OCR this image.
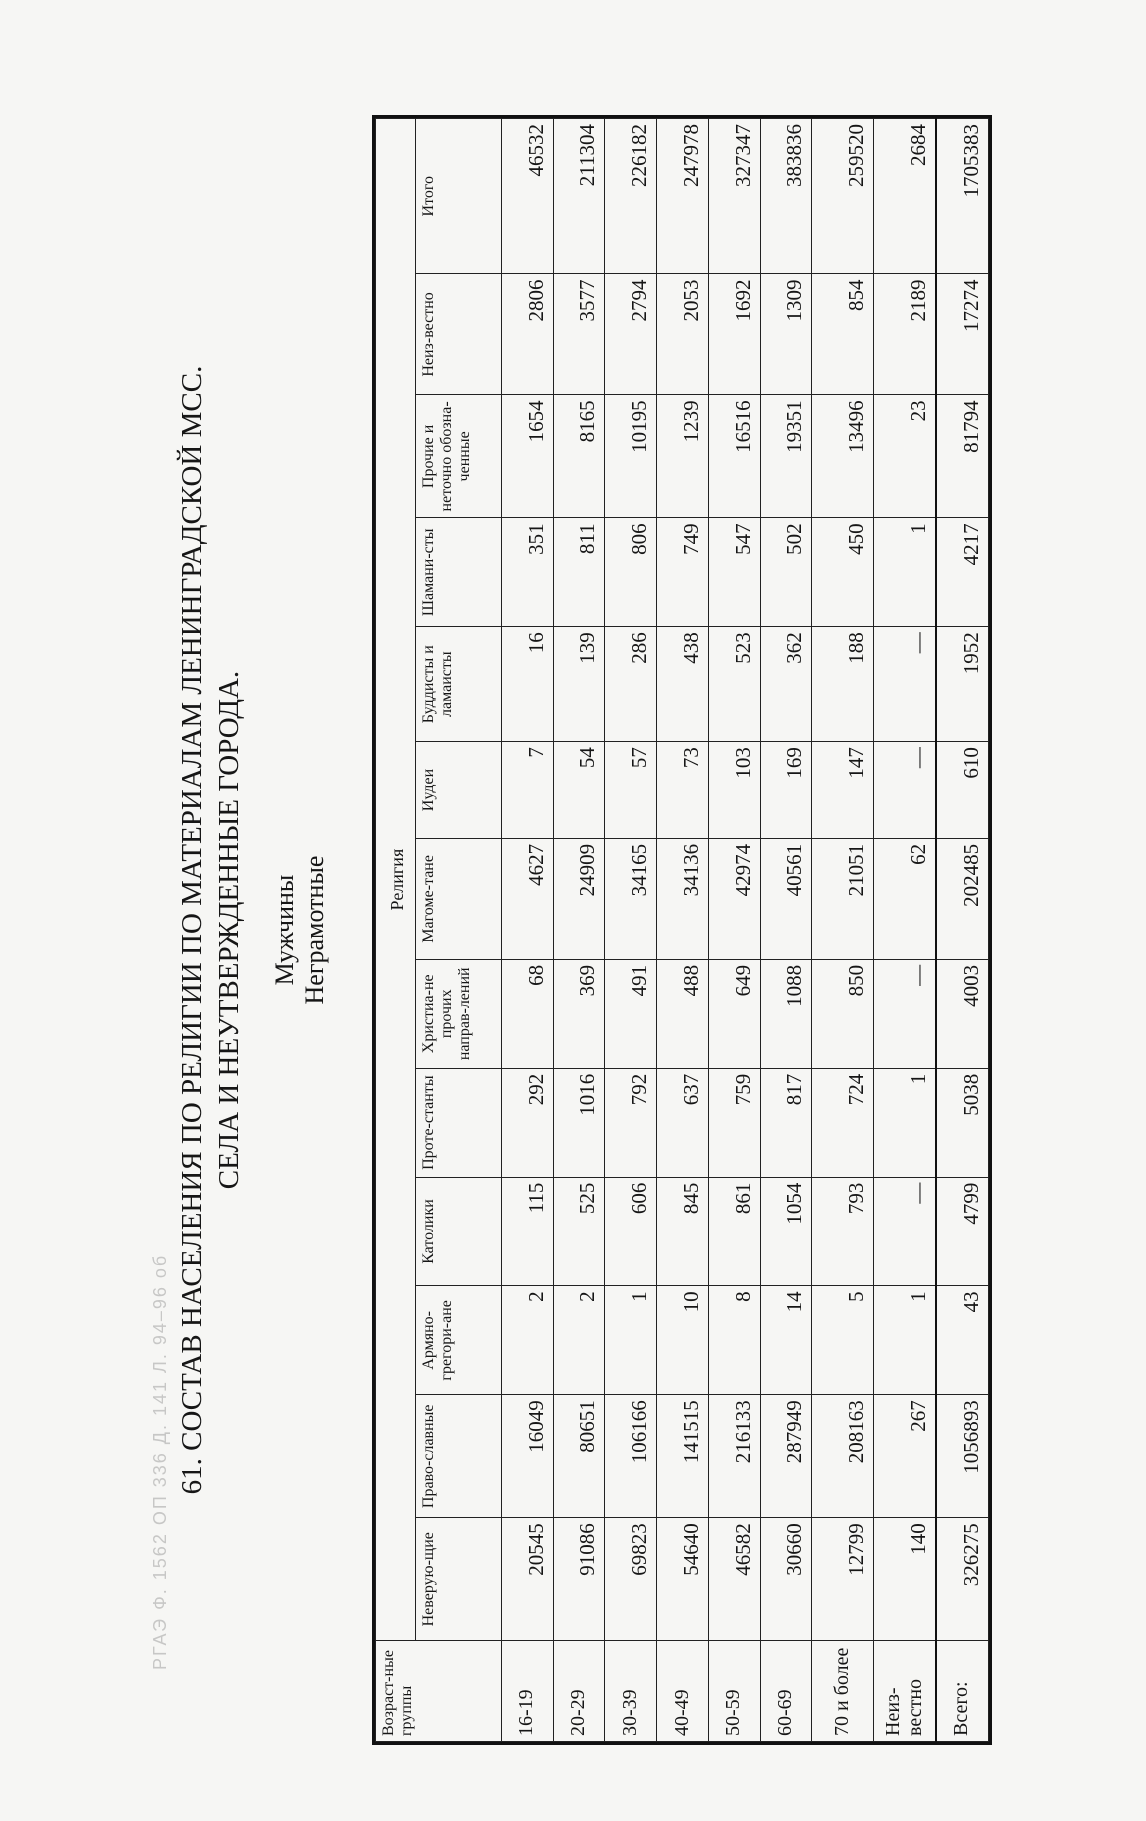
РГАЭ Ф. 1562 ОП 336 Д. 141 Л. 94–96 об 61. СОСТАВ НАСЕЛЕНИЯ ПО РЕЛИГИИ ПО МАТЕРИАЛАМ ЛЕНИНГРАДСКОЙ МСС. СЕЛА И НЕУТВЕРЖДЕННЫЕ ГОРОДА. Мужчины Неграмотные
Возраст-ные группы	Религия												
	Неверую-щие	Право-славные	Армяно-грегори-ане	Католики	Проте-станты	Христиа-не прочих направ-лений	Магоме-тане	Иудеи	Буддисты и ламаисты	Шамани-сты	Прочие и неточно обозна-ченные	Неиз-вестно	Итого
16-19	20545	16049	2	115	292	68	4627	7	16	351	1654	2806	46532
20-29	91086	80651	2	525	1016	369	24909	54	139	811	8165	3577	211304
30-39	69823	106166	1	606	792	491	34165	57	286	806	10195	2794	226182
40-49	54640	141515	10	845	637	488	34136	73	438	749	1239	2053	247978
50-59	46582	216133	8	861	759	649	42974	103	523	547	16516	1692	327347
60-69	30660	287949	14	1054	817	1088	40561	169	362	502	19351	1309	383836
70 и более	12799	208163	5	793	724	850	21051	147	188	450	13496	854	259520
Неиз-вестно	140	267	1	—	1	—	62	—	—	1	23	2189	2684
Всего:	326275	1056893	43	4799	5038	4003	202485	610	1952	4217	81794	17274	1705383
